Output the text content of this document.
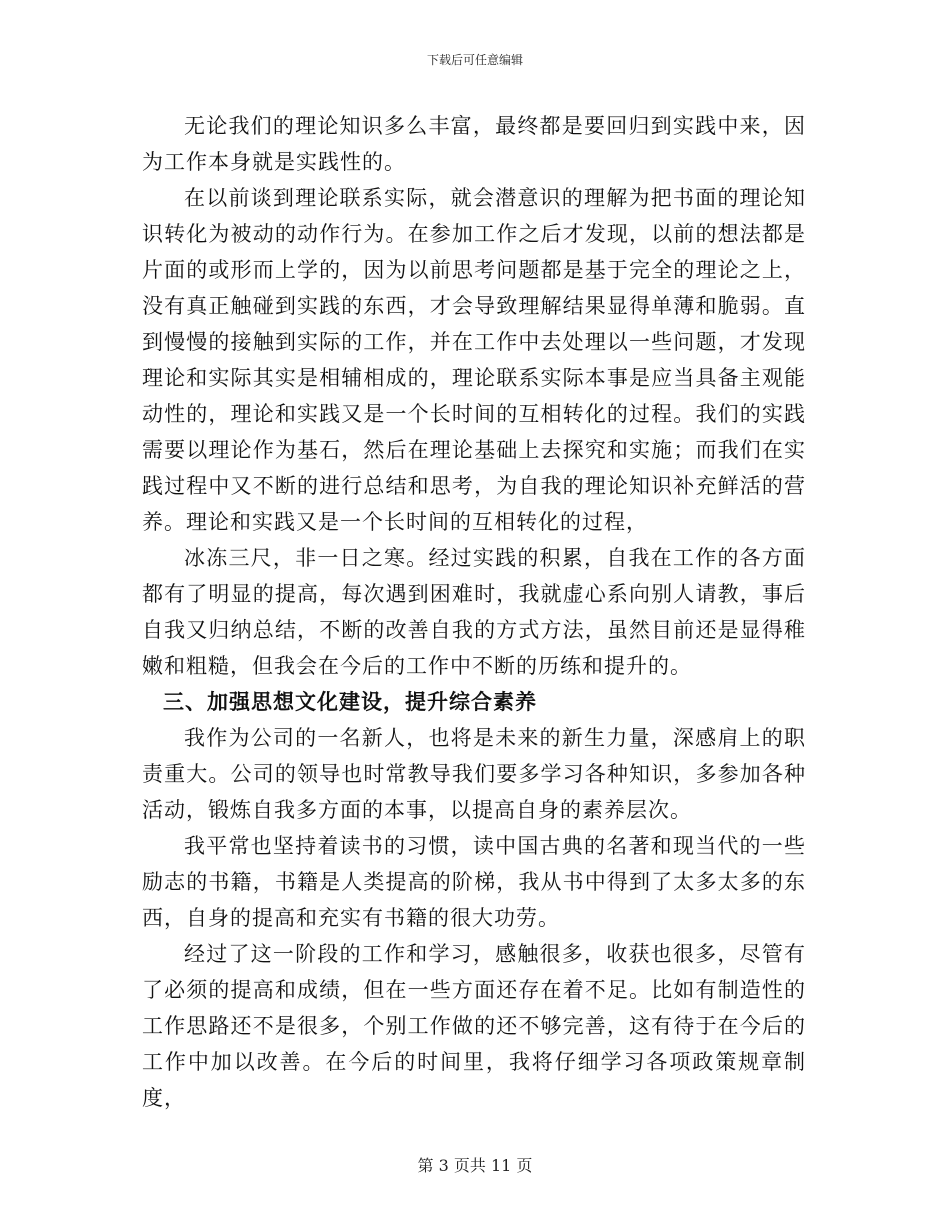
下载后可任意编辑

无论我们的理论知识多么丰富，最终都是要回归到实践中来，因为工作本身就是实践性的。

在以前谈到理论联系实际，就会潜意识的理解为把书面的理论知识转化为被动的动作行为。在参加工作之后才发现，以前的想法都是片面的或形而上学的，因为以前思考问题都是基于完全的理论之上，没有真正触碰到实践的东西，才会导致理解结果显得单薄和脆弱。直到慢慢的接触到实际的工作，并在工作中去处理以一些问题，才发现理论和实际其实是相辅相成的，理论联系实际本事是应当具备主观能动性的，理论和实践又是一个长时间的互相转化的过程。我们的实践需要以理论作为基石，然后在理论基础上去探究和实施；而我们在实践过程中又不断的进行总结和思考，为自我的理论知识补充鲜活的营养。理论和实践又是一个长时间的互相转化的过程，

冰冻三尺，非一日之寒。经过实践的积累，自我在工作的各方面都有了明显的提高，每次遇到困难时，我就虚心系向别人请教，事后自我又归纳总结，不断的改善自我的方式方法，虽然目前还是显得稚嫩和粗糙，但我会在今后的工作中不断的历练和提升的。

三、加强思想文化建设，提升综合素养

我作为公司的一名新人，也将是未来的新生力量，深感肩上的职责重大。公司的领导也时常教导我们要多学习各种知识，多参加各种活动，锻炼自我多方面的本事，以提高自身的素养层次。

我平常也坚持着读书的习惯，读中国古典的名著和现当代的一些励志的书籍，书籍是人类提高的阶梯，我从书中得到了太多太多的东西，自身的提高和充实有书籍的很大功劳。

经过了这一阶段的工作和学习，感触很多，收获也很多，尽管有了必须的提高和成绩，但在一些方面还存在着不足。比如有制造性的工作思路还不是很多，个别工作做的还不够完善，这有待于在今后的工作中加以改善。在今后的时间里，我将仔细学习各项政策规章制度，

第 3 页共 11 页
